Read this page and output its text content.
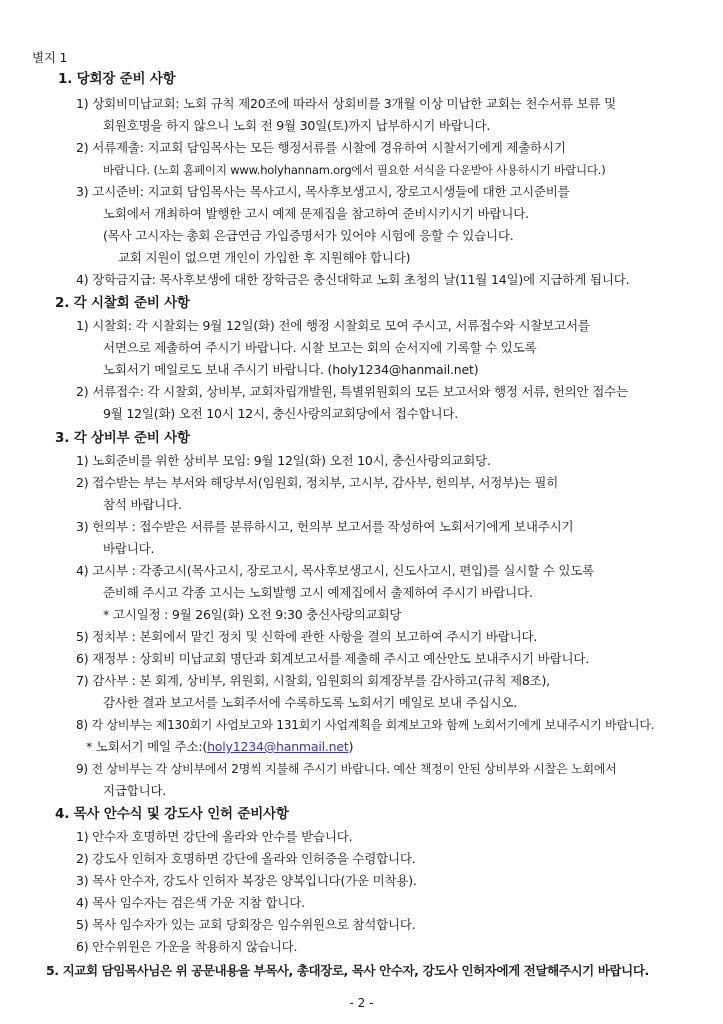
별지 1
1. 당회장 준비 사항
1) 상회비미납교회: 노회 규칙 제20조에 따라서 상회비를 3개월 이상 미납한 교회는 천수서류 보류 및
회원호명을 하지 않으니 노회 전 9월 30일(토)까지 납부하시기 바랍니다.
2) 서류제출: 지교회 담임목사는 모든 행정서류를 시찰에 경유하여 시찰서기에게 제출하시기
바랍니다. (노회 홈페이지 www.holyhannam.org에서 필요한 서식을 다운받아 사용하시기 바랍니다.)
3) 고시준비: 지교회 담임목사는 목사고시, 목사후보생고시, 장로고시생들에 대한 고시준비를
노회에서 개최하여 발행한 고시 예제 문제집을 참고하여 준비시키시기 바랍니다.
(목사 고시자는 총회 은급연금 가입증명서가 있어야 시험에 응할 수 있습니다.
교회 지원이 없으면 개인이 가입한 후 지원해야 합니다)
4) 장학금지급: 목사후보생에 대한 장학금은 충신대학교 노회 초청의 날(11월 14일)에 지급하게 됩니다.
2. 각 시찰회 준비 사항
1) 시찰회: 각 시찰회는 9월 12일(화) 전에 행정 시찰회로 모여 주시고, 서류접수와 시찰보고서를
서면으로 제출하여 주시기 바랍니다. 시찰 보고는 회의 순서지에 기록할 수 있도록
노회서기 메일로도 보내 주시기 바랍니다. (holy1234@hanmail.net)
2) 서류접수: 각 시찰회, 상비부, 교회자립개발원, 특별위원회의 모든 보고서와 행정 서류, 헌의안 접수는
9월 12일(화) 오전 10시 12시, 충신사랑의교회당에서 접수합니다.
3. 각 상비부 준비 사항
1) 노회준비를 위한 상비부 모임: 9월 12일(화) 오전 10시, 충신사랑의교회당.
2) 접수받는 부는 부서와 해당부서(임원회, 정치부, 고시부, 감사부, 헌의부, 서정부)는 필히
참석 바랍니다.
3) 헌의부 : 접수받은 서류를 분류하시고, 헌의부 보고서를 작성하여 노회서기에게 보내주시기
바랍니다.
4) 고시부 : 각종고시(목사고시, 장로고시, 목사후보생고시, 신도사고시, 편입)를 실시할 수 있도록
준비해 주시고 각종 고시는 노회발행 고시 예제집에서 출제하여 주시기 바랍니다.
* 고시일정 : 9월 26일(화) 오전 9:30 충신사랑의교회당
5) 정치부 : 본회에서 맡긴 정치 및 신학에 관한 사항을 결의 보고하여 주시기 바랍니다.
6) 재정부 : 상회비 미납교회 명단과 회계보고서를 제출해 주시고 예산안도 보내주시기 바랍니다.
7) 감사부 : 본 회계, 상비부, 위원회, 시찰회, 임원회의 회계장부를 감사하고(규칙 제8조),
감사한 결과 보고서를 노회주서에 수록하도록 노회서기 메일로 보내 주십시오.
8) 각 상비부는 제130회기 사업보고와 131회기 사업계획을 회계보고와 함께 노회서기에게 보내주시기 바랍니다.
* 노회서기 메일 주소:(holy1234@hanmail.net)
9) 전 상비부는 각 상비부에서 2명씩 지불해 주시기 바랍니다. 예산 책정이 안된 상비부와 시찰은 노회에서
지급합니다.
4. 목사 안수식 및 강도사 인허 준비사항
1) 안수자 호명하면 강단에 올라와 안수를 받습니다.
2) 강도사 인허자 호명하면 강단에 올라와 인허증을 수령합니다.
3) 목사 안수자, 강도사 인허자 복장은 양복입니다(가운 미착용).
4) 목사 임수자는 검은색 가운 지참 합니다.
5) 목사 임수자가 있는 교회 당회장은 임수위원으로 참석합니다.
6) 안수위원은 가운을 착용하지 않습니다.
5. 지교회 담임목사님은 위 공문내용을 부목사, 총대장로, 목사 안수자, 강도사 인허자에게 전달해주시기 바랍니다.
- 2 -
